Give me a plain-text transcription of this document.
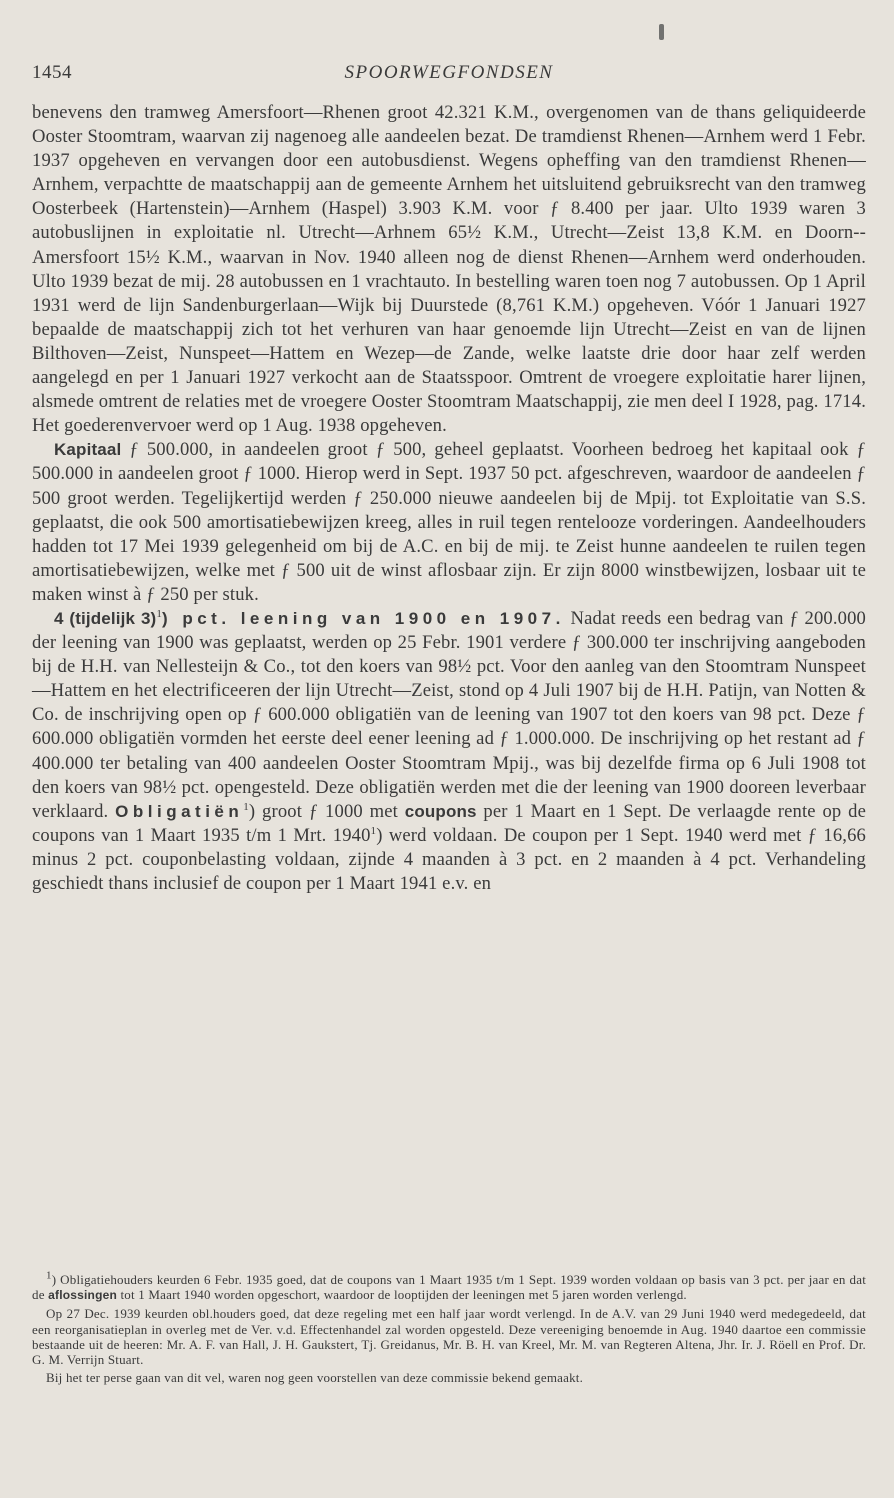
1454	SPOORWEGFONDSEN

benevens den tramweg Amersfoort—Rhenen groot 42.321 K.M., overgenomen van de thans geliquideerde Ooster Stoomtram, waarvan zij nagenoeg alle aandeelen bezat. De tramdienst Rhenen—Arnhem werd 1 Febr. 1937 opgeheven en vervangen door een autobusdienst. Wegens opheffing van den tramdienst Rhenen—Arnhem, verpachtte de maatschappij aan de gemeente Arnhem het uitsluitend gebruiksrecht van den tramweg Oosterbeek (Hartenstein)—Arnhem (Haspel) 3.903 K.M. voor ƒ 8.400 per jaar. Ulto 1939 waren 3 autobuslijnen in exploitatie nl. Utrecht—Arhnem 65½ K.M., Utrecht—Zeist 13,8 K.M. en Doorn--Amersfoort 15½ K.M., waarvan in Nov. 1940 alleen nog de dienst Rhenen—Arnhem werd onderhouden. Ulto 1939 bezat de mij. 28 autobussen en 1 vrachtauto. In bestelling waren toen nog 7 autobussen. Op 1 April 1931 werd de lijn Sandenburgerlaan—Wijk bij Duurstede (8,761 K.M.) opgeheven. Vóór 1 Januari 1927 bepaalde de maatschappij zich tot het verhuren van haar genoemde lijn Utrecht—Zeist en van de lijnen Bilthoven—Zeist, Nunspeet—Hattem en Wezep—de Zande, welke laatste drie door haar zelf werden aangelegd en per 1 Januari 1927 verkocht aan de Staatsspoor. Omtrent de vroegere exploitatie harer lijnen, alsmede omtrent de relaties met de vroegere Ooster Stoomtram Maatschappij, zie men deel I 1928, pag. 1714. Het goederenvervoer werd op 1 Aug. 1938 opgeheven.

Kapitaal ƒ 500.000, in aandeelen groot ƒ 500, geheel geplaatst. Voorheen bedroeg het kapitaal ook ƒ 500.000 in aandeelen groot ƒ 1000. Hierop werd in Sept. 1937 50 pct. afgeschreven, waardoor de aandeelen ƒ 500 groot werden. Tegelijkertijd werden ƒ 250.000 nieuwe aandeelen bij de Mpij. tot Exploitatie van S.S. geplaatst, die ook 500 amortisatiebewijzen kreeg, alles in ruil tegen rentelooze vorderingen. Aandeelhouders hadden tot 17 Mei 1939 gelegenheid om bij de A.C. en bij de mij. te Zeist hunne aandeelen te ruilen tegen amortisatiebewijzen, welke met ƒ 500 uit de winst aflosbaar zijn. Er zijn 8000 winstbewijzen, losbaar uit te maken winst à ƒ 250 per stuk.

4 (tijdelijk 3)$^1$) pct. leening van 1900 en 1907. Nadat reeds een bedrag van ƒ 200.000 der leening van 1900 was geplaatst, werden op 25 Febr. 1901 verdere ƒ 300.000 ter inschrijving aangeboden bij de H.H. van Nellesteijn & Co., tot den koers van 98½ pct. Voor den aanleg van den Stoomtram Nunspeet—Hattem en het electrificeeren der lijn Utrecht—Zeist, stond op 4 Juli 1907 bij de H.H. Patijn, van Notten & Co. de inschrijving open op ƒ 600.000 obligatiën van de leening van 1907 tot den koers van 98 pct. Deze ƒ 600.000 obligatiën vormden het eerste deel eener leening ad ƒ 1.000.000. De inschrijving op het restant ad ƒ 400.000 ter betaling van 400 aandeelen Ooster Stoomtram Mpij., was bij dezelfde firma op 6 Juli 1908 tot den koers van 98½ pct. opengesteld. Deze obligatiën werden met die der leening van 1900 dooreen leverbaar verklaard. Obligatiën$^1$) groot ƒ 1000 met coupons per 1 Maart en 1 Sept. De verlaagde rente op de coupons van 1 Maart 1935 t/m 1 Mrt. 1940$^1$) werd voldaan. De coupon per 1 Sept. 1940 werd met ƒ 16,66 minus 2 pct. couponbelasting voldaan, zijnde 4 maanden à 3 pct. en 2 maanden à 4 pct. Verhandeling geschiedt thans inclusief de coupon per 1 Maart 1941 e.v. en

$^1$) Obligatiehouders keurden 6 Febr. 1935 goed, dat de coupons van 1 Maart 1935 t/m 1 Sept. 1939 worden voldaan op basis van 3 pct. per jaar en dat de aflossingen tot 1 Maart 1940 worden opgeschort, waardoor de looptijden der leeningen met 5 jaren worden verlengd.

Op 27 Dec. 1939 keurden obl.houders goed, dat deze regeling met een half jaar wordt verlengd. In de A.V. van 29 Juni 1940 werd medegedeeld, dat een reorganisatieplan in overleg met de Ver. v.d. Effectenhandel zal worden opgesteld. Deze vereeniging benoemde in Aug. 1940 daartoe een commissie bestaande uit de heeren: Mr. A. F. van Hall, J. H. Gaukstert, Tj. Greidanus, Mr. B. H. van Kreel, Mr. M. van Regteren Altena, Jhr. Ir. J. Röell en Prof. Dr. G. M. Verrijn Stuart.

Bij het ter perse gaan van dit vel, waren nog geen voorstellen van deze commissie bekend gemaakt.
